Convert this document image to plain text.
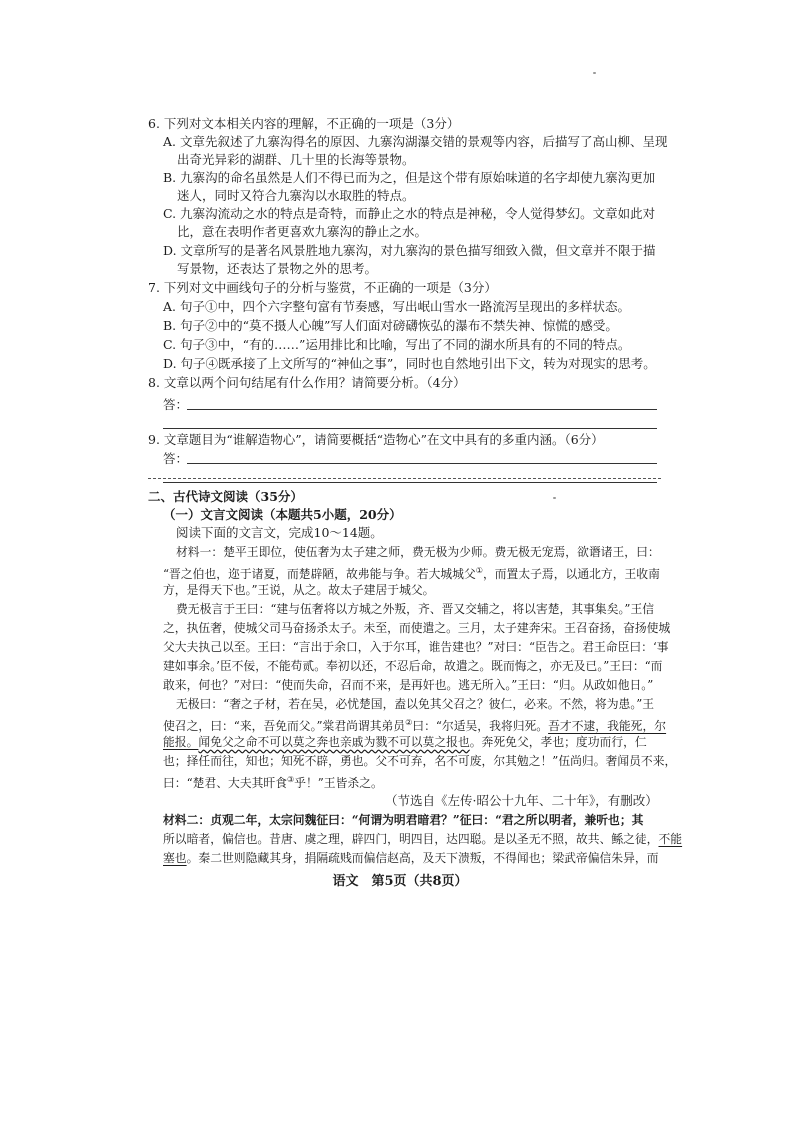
6. 下列对文本相关内容的理解，不正确的一项是（3分）
A. 文章先叙述了九寨沟得名的原因、九寨沟湖瀑交错的景观等内容，后描写了高山柳、呈现
出奇光异彩的湖群、几十里的长海等景物。
B. 九寨沟的命名虽然是人们不得已而为之，但是这个带有原始味道的名字却使九寨沟更加
迷人，同时又符合九寨沟以水取胜的特点。
C. 九寨沟流动之水的特点是奇特，而静止之水的特点是神秘，令人觉得梦幻。文章如此对
比，意在表明作者更喜欢九寨沟的静止之水。
D. 文章所写的是著名风景胜地九寨沟，对九寨沟的景色描写细致入微，但文章并不限于描
写景物，还表达了景物之外的思考。
7. 下列对文中画线句子的分析与鉴赏，不正确的一项是（3分）
A. 句子①中，四个六字整句富有节奏感，写出岷山雪水一路流泻呈现出的多样状态。
B. 句子②中的“莫不摄人心魄”写人们面对磅礴恢弘的瀑布不禁失神、惊慌的感受。
C. 句子③中，“有的……”运用排比和比喻，写出了不同的湖水所具有的不同的特点。
D. 句子④既承接了上文所写的“神仙之事”，同时也自然地引出下文，转为对现实的思考。
8. 文章以两个问句结尾有什么作用？请简要分析。（4分）
答：
9. 文章题目为“谁解造物心”，请简要概括“造物心”在文中具有的多重内涵。（6分）
答：
二、古代诗文阅读（35分）
（一）文言文阅读（本题共5小题，20分）
阅读下面的文言文，完成10～14题。
材料一：楚平王即位，使伍奢为太子建之师，费无极为少师。费无极无宠焉，欲谮诸王，曰：
“晋之伯也，迩于诸夏，而楚辟陋，故弗能与争。若大城城父①，而置太子焉，以通北方，王收南
方，是得天下也。”王说，从之。故太子建居于城父。
费无极言于王曰：“建与伍奢将以方城之外叛，齐、晋又交辅之，将以害楚，其事集矣。”王信
之，执伍奢，使城父司马奋扬杀太子。未至，而使遣之。三月，太子建奔宋。王召奋扬，奋扬使城
父大夫执己以至。王曰：“言出于余口，入于尔耳，谁告建也？”对曰：“臣告之。君王命臣曰：‘事
建如事余。’臣不佞，不能苟贰。奉初以还，不忍后命，故遣之。既而悔之，亦无及已。”王曰：“而
敢来，何也？”对曰：“使而失命，召而不来，是再奸也。逃无所入。”王曰：“归。从政如他日。”
无极曰：“奢之子材，若在吴，必忧楚国，盍以免其父召之？彼仁，必来。不然，将为患。”王
使召之，曰：“来，吾免而父。”棠君尚谓其弟员②曰：“尔适吴，我将归死。吾才不逮，我能死，尔
能报。闻免父之命不可以莫之奔也亲戚为戮不可以莫之报也。奔死免父，孝也；度功而行，仁
也；择任而往，知也；知死不辟，勇也。父不可弃，名不可废，尔其勉之！”伍尚归。奢闻员不来，
曰：“楚君、大夫其旰食③乎！”王皆杀之。
（节选自《左传·昭公十九年、二十年》，有删改）
材料二：贞观二年，太宗问魏征曰：“何谓为明君暗君？”征曰：“君之所以明者，兼听也；其
所以暗者，偏信也。昔唐、虞之理，辟四门，明四目，达四聪。是以圣无不照，故共、鲧之徒，不能
塞也。秦二世则隐藏其身，捐隔疏贱而偏信赵高，及天下溃叛，不得闻也；梁武帝偏信朱异，而
语文　第5页（共8页）
